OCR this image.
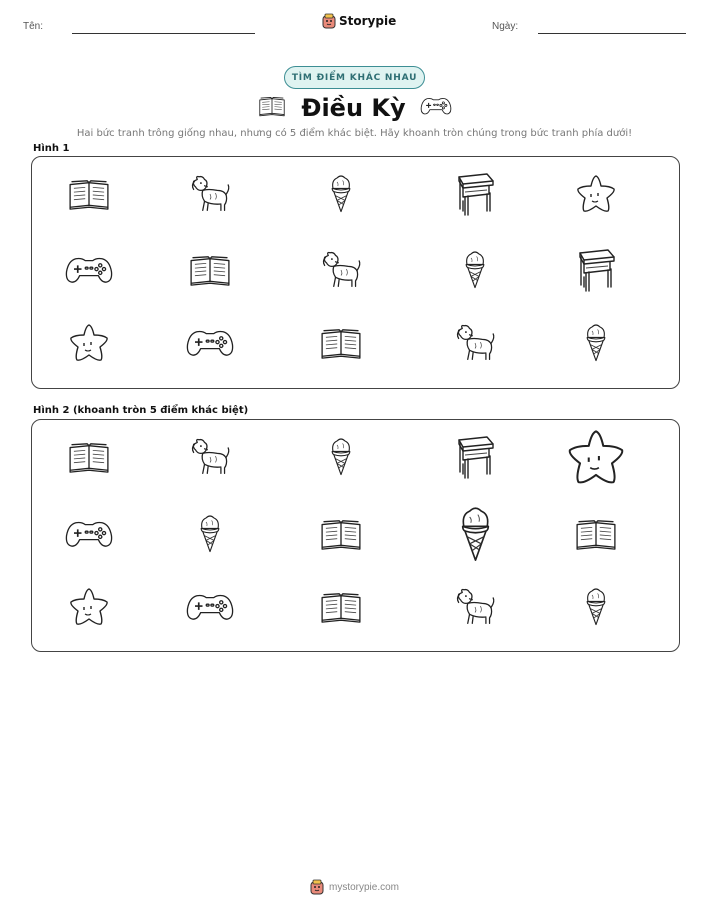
Tên:	Storypie	Ngày:
TÌM ĐIỂM KHÁC NHAU
Điều Kỳ
Hai bức tranh trông giống nhau, nhưng có 5 điểm khác biệt. Hãy khoanh tròn chúng trong bức tranh phía dưới!
Hình 1
Hình 2 (khoanh tròn 5 điểm khác biệt)
mystorypie.com
